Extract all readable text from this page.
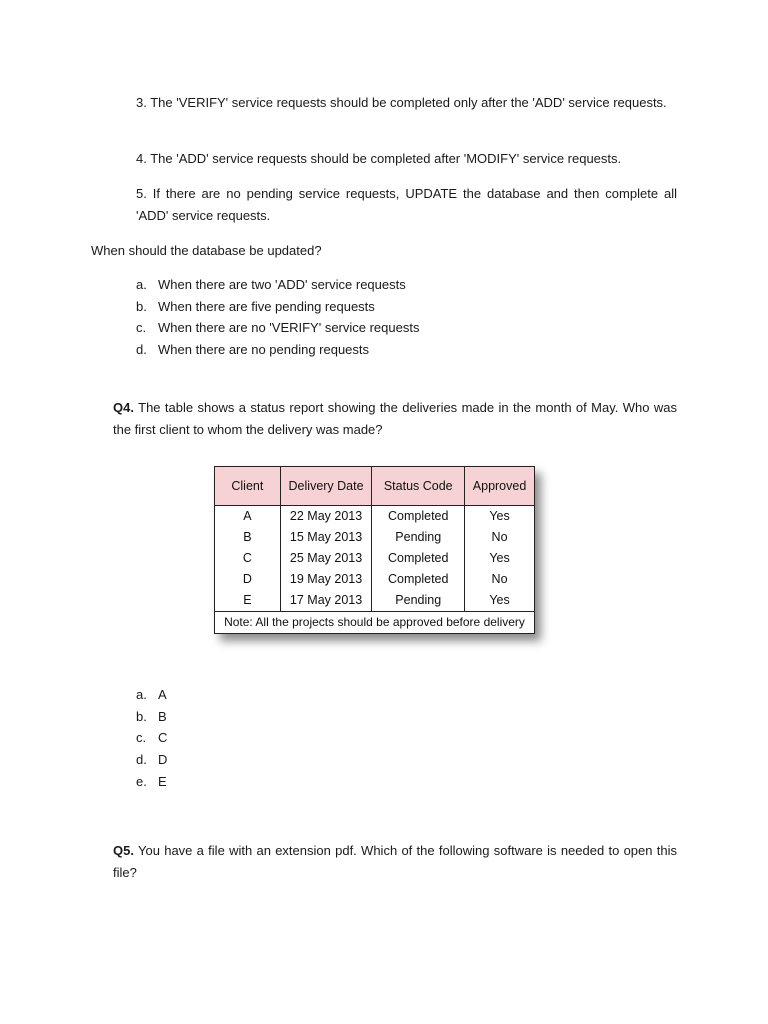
3. The 'VERIFY' service requests should be completed only after the 'ADD' service requests.

4. The 'ADD' service requests should be completed after 'MODIFY' service requests.

5. If there are no pending service requests, UPDATE the database and then complete all 'ADD' service requests.

When should the database be updated?

a. When there are two 'ADD' service requests
b. When there are five pending requests
c. When there are no 'VERIFY' service requests
d. When there are no pending requests

Q4. The table shows a status report showing the deliveries made in the month of May. Who was the first client to whom the delivery was made?

Client	Delivery Date	Status Code	Approved
A	22 May 2013	Completed	Yes
B	15 May 2013	Pending	No
C	25 May 2013	Completed	Yes
D	19 May 2013	Completed	No
E	17 May 2013	Pending	Yes
Note: All the projects should be approved before delivery			
a. A
b. B
c. C
d. D
e. E

Q5. You have a file with an extension pdf. Which of the following software is needed to open this file?
